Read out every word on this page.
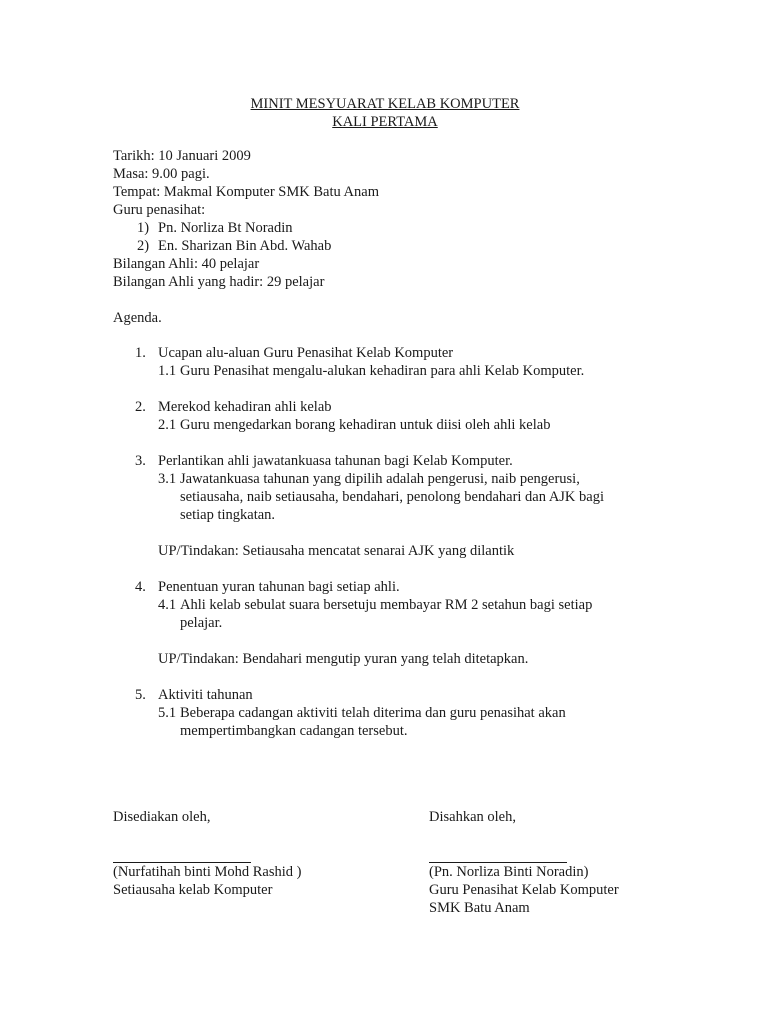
MINIT MESYUARAT KELAB KOMPUTER
KALI PERTAMA
Tarikh: 10 Januari 2009
Masa: 9.00 pagi.
Tempat: Makmal Komputer SMK Batu Anam
Guru penasihat:
1) Pn. Norliza Bt Noradin
2) En. Sharizan Bin Abd. Wahab
Bilangan Ahli: 40 pelajar
Bilangan Ahli yang hadir: 29 pelajar
Agenda.
1. Ucapan alu-aluan Guru Penasihat Kelab Komputer
1.1 Guru Penasihat mengalu-alukan kehadiran para ahli Kelab Komputer.
2. Merekod kehadiran ahli kelab
2.1 Guru mengedarkan borang kehadiran untuk diisi oleh ahli kelab
3. Perlantikan ahli jawatankuasa tahunan bagi Kelab Komputer.
3.1 Jawatankuasa tahunan yang dipilih adalah pengerusi, naib pengerusi,
setiausaha, naib setiausaha, bendahari, penolong bendahari dan AJK bagi
setiap tingkatan.
UP/Tindakan: Setiausaha mencatat senarai AJK yang dilantik
4. Penentuan yuran tahunan bagi setiap ahli.
4.1 Ahli kelab sebulat suara bersetuju membayar RM 2 setahun bagi setiap
pelajar.
UP/Tindakan: Bendahari mengutip yuran yang telah ditetapkan.
5. Aktiviti tahunan
5.1 Beberapa cadangan aktiviti telah diterima dan guru penasihat akan
mempertimbangkan cadangan tersebut.
Disediakan oleh,
(Nurfatihah binti Mohd Rashid )
Setiausaha kelab Komputer
Disahkan oleh,
(Pn. Norliza Binti Noradin)
Guru Penasihat Kelab Komputer
SMK Batu Anam
